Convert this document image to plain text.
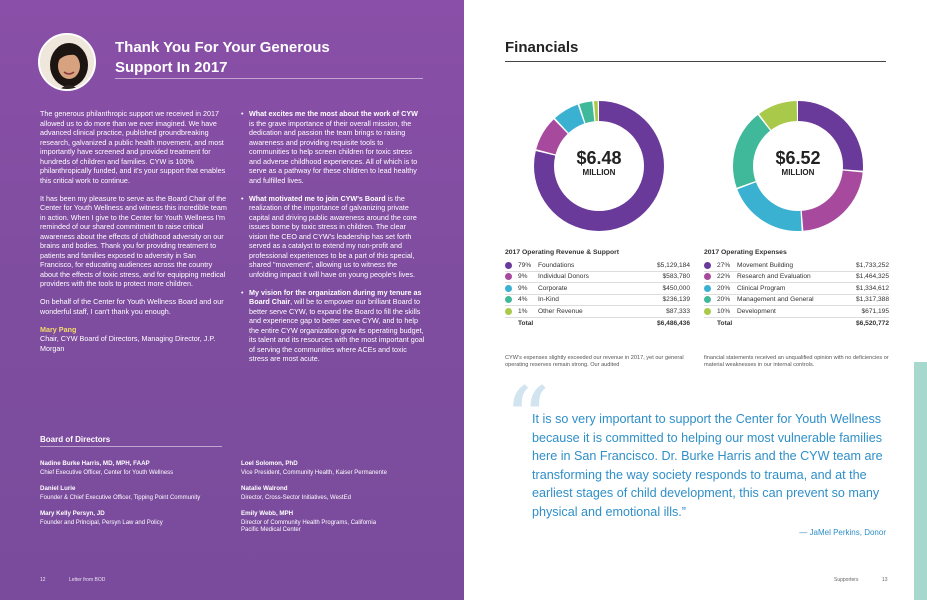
Thank You For Your Generous Support In 2017

The generous philanthropic support we received in 2017 allowed us to do more than we ever imagined. We have advanced clinical practice, published groundbreaking research, galvanized a public health movement, and most importantly have screened and provided treatment for hundreds of children and families. CYW is 100% philanthropically funded, and it's your support that enables this critical work to continue.

It has been my pleasure to serve as the Board Chair of the Center for Youth Wellness and witness this incredible team in action. When I give to the Center for Youth Wellness I'm reminded of our shared commitment to raise critical awareness about the effects of childhood adversity on our brains and bodies. Thank you for providing treatment to patients and families exposed to adversity in San Francisco, for educating audiences across the country about the effects of toxic stress, and for equipping medical providers with the tools to protect more children.

On behalf of the Center for Youth Wellness Board and our wonderful staff, I can't thank you enough.

Mary Pang
Chair, CYW Board of Directors, Managing Director, J.P. Morgan
• What excites me the most about the work of CYW is the grave importance of their overall mission, the dedication and passion the team brings to raising awareness and providing requisite tools to communities to help screen children for toxic stress and adverse childhood experiences. All of which is to serve as a pathway for these children to lead healthy and fulfilled lives.
• What motivated me to join CYW's Board is the realization of the importance of galvanizing private capital and driving public awareness around the core issues borne by toxic stress in children. The clear vision the CEO and CYW's leadership has set forth served as a catalyst to extend my non-profit and professional experiences to be a part of this special, shared "movement", allowing us to witness the unfolding impact it will have on young people's lives.
• My vision for the organization during my tenure as Board Chair, will be to empower our brilliant Board to better serve CYW, to expand the Board to fill the skills and experience gap to better serve CYW, and to help the entire CYW organization grow its operating budget, its talent and its resources with the most important goal of serving the communities where ACEs and toxic stress are most acute.
Board of Directors
Nadine Burke Harris, MD, MPH, FAAP
Chief Executive Officer, Center for Youth Wellness
Daniel Lurie
Founder & Chief Executive Officer, Tipping Point Community
Mary Kelly Persyn, JD
Founder and Principal, Persyn Law and Policy
Loel Solomon, PhD
Vice President, Community Health, Kaiser Permanente
Natalie Walrond
Director, Cross-Sector Initiatives, WestEd
Emily Webb, MPH
Director of Community Health Programs, California Pacific Medical Center
12	Letter from BOD
Financials
$6.48
MILLION
$6.52
MILLION
2017 Operating Revenue & Support
79%	Foundations	$5,129,184
9%	Individual Donors	$583,780
9%	Corporate	$450,000
4%	In-Kind	$236,139
1%	Other Revenue	$87,333
Total	$6,486,436
2017 Operating Expenses
27%	Movement Building	$1,733,252
22%	Research and Evaluation	$1,464,325
20%	Clinical Program	$1,334,612
20%	Management and General	$1,317,388
10%	Development	$671,195
Total	$6,520,772
CYW's expenses slightly exceeded our revenue in 2017, yet our general operating reserves remain strong. Our audited
financial statements received an unqualified opinion with no deficiencies or material weaknesses in our internal controls.
“
It is so very important to support the Center for Youth Wellness because it is committed to helping our most vulnerable families here in San Francisco. Dr. Burke Harris and the CYW team are transforming the way society responds to trauma, and at the earliest stages of child development, this can prevent so many physical and emotional ills.”
— JaMel Perkins, Donor
Supporters	13
